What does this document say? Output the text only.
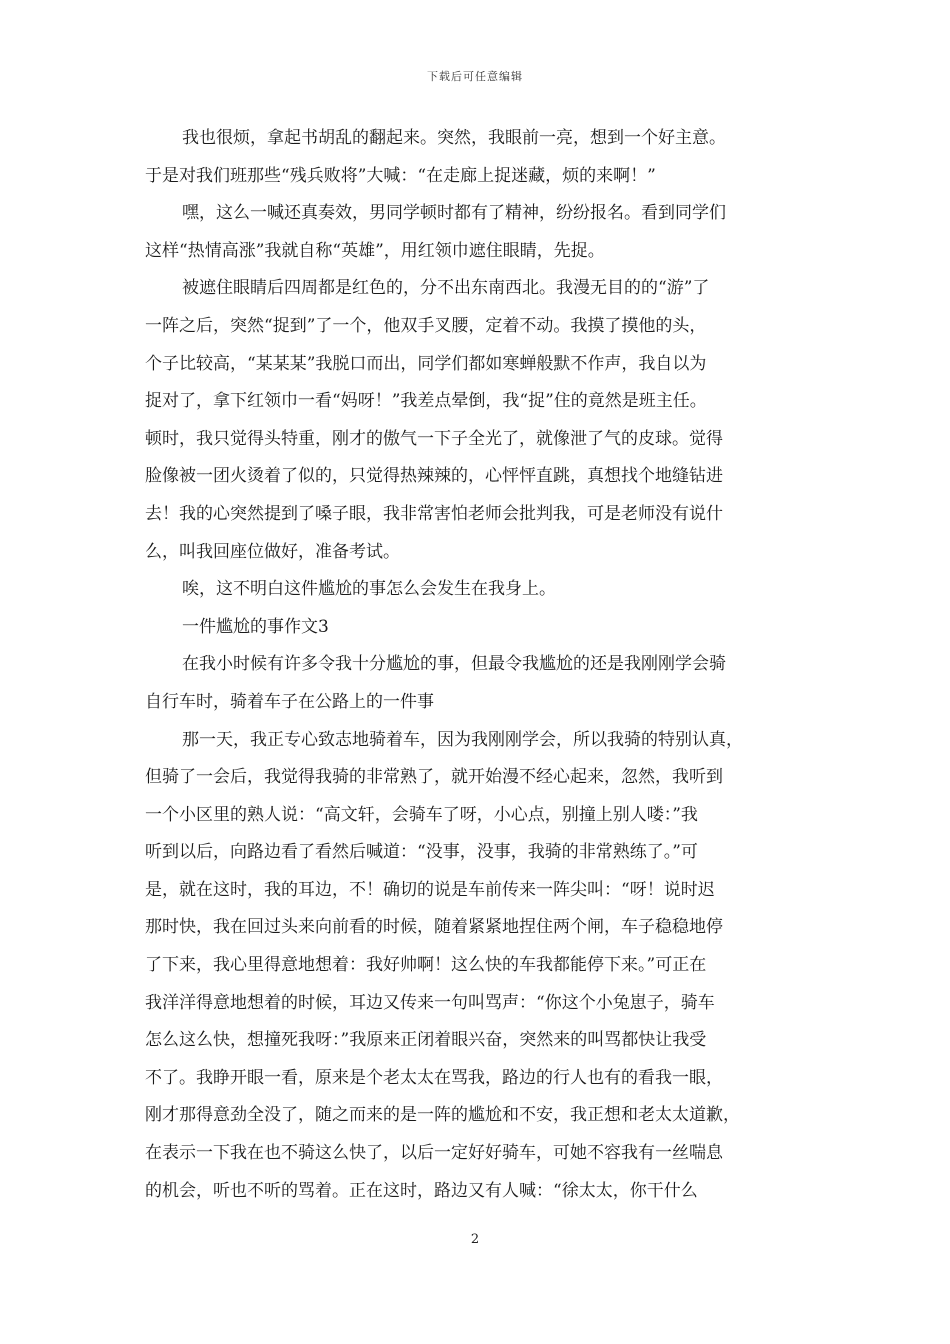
下载后可任意编辑
我也很烦，拿起书胡乱的翻起来。突然，我眼前一亮，想到一个好主意。
于是对我们班那些“残兵败将”大喊：“在走廊上捉迷藏，烦的来啊！”
嘿，这么一喊还真奏效，男同学顿时都有了精神，纷纷报名。看到同学们
这样“热情高涨”我就自称“英雄”，用红领巾遮住眼睛，先捉。
被遮住眼睛后四周都是红色的，分不出东南西北。我漫无目的的“游”了
一阵之后，突然“捉到”了一个，他双手叉腰，定着不动。我摸了摸他的头，
个子比较高，“某某某”我脱口而出，同学们都如寒蝉般默不作声，我自以为
捉对了，拿下红领巾一看“妈呀！”我差点晕倒，我“捉”住的竟然是班主任。
顿时，我只觉得头特重，刚才的傲气一下子全光了，就像泄了气的皮球。觉得
脸像被一团火烫着了似的，只觉得热辣辣的，心怦怦直跳，真想找个地缝钻进
去！我的心突然提到了嗓子眼，我非常害怕老师会批判我，可是老师没有说什
么，叫我回座位做好，准备考试。
唉，这不明白这件尴尬的事怎么会发生在我身上。
一件尴尬的事作文3
在我小时候有许多令我十分尴尬的事，但最令我尴尬的还是我刚刚学会骑
自行车时，骑着车子在公路上的一件事
那一天，我正专心致志地骑着车，因为我刚刚学会，所以我骑的特别认真，
但骑了一会后，我觉得我骑的非常熟了，就开始漫不经心起来，忽然，我听到
一个小区里的熟人说：“高文轩，会骑车了呀，小心点，别撞上别人喽：”我
听到以后，向路边看了看然后喊道：“没事，没事，我骑的非常熟练了。”可
是，就在这时，我的耳边，不！确切的说是车前传来一阵尖叫：“呀！说时迟
那时快，我在回过头来向前看的时候，随着紧紧地捏住两个闸，车子稳稳地停
了下来，我心里得意地想着：我好帅啊！这么快的车我都能停下来。”可正在
我洋洋得意地想着的时候，耳边又传来一句叫骂声：“你这个小兔崽子，骑车
怎么这么快，想撞死我呀：”我原来正闭着眼兴奋，突然来的叫骂都快让我受
不了。我睁开眼一看，原来是个老太太在骂我，路边的行人也有的看我一眼，
刚才那得意劲全没了，随之而来的是一阵的尴尬和不安，我正想和老太太道歉，
在表示一下我在也不骑这么快了，以后一定好好骑车，可她不容我有一丝喘息
的机会，听也不听的骂着。正在这时，路边又有人喊：“徐太太，你干什么
2
